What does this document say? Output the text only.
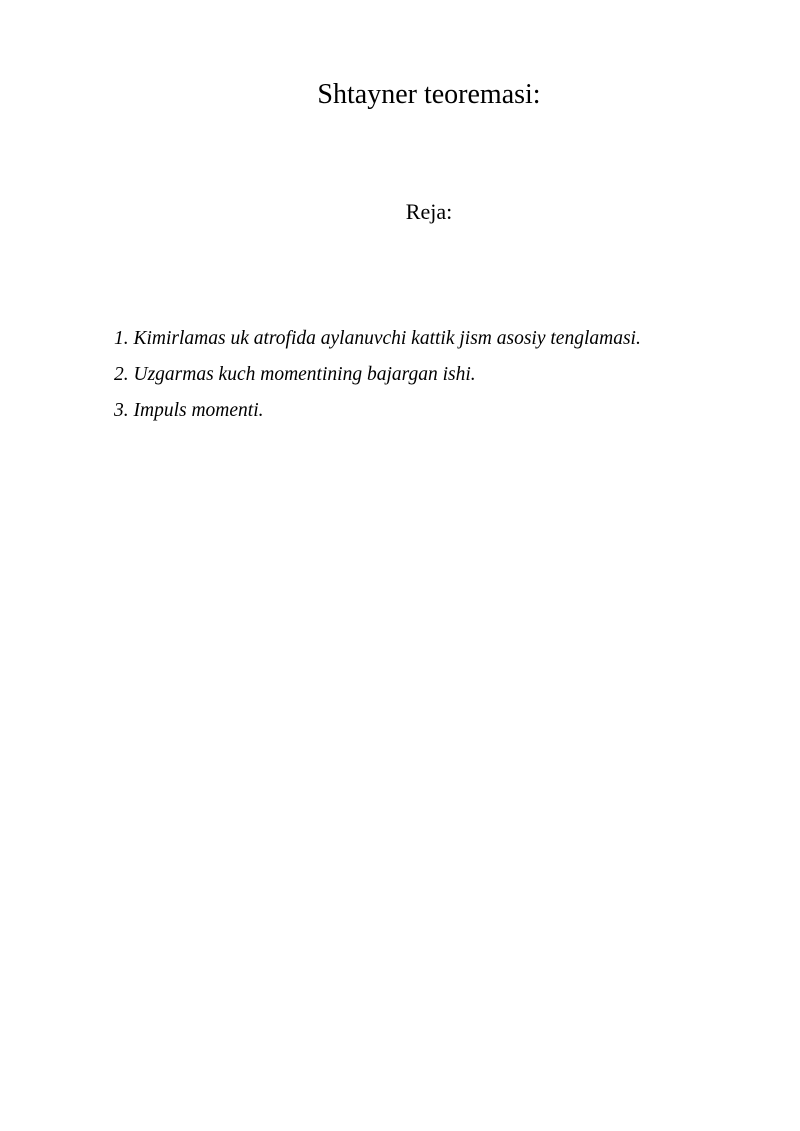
Shtayner teoremasi:
Reja:
1. Kimirlamas uk atrofida aylanuvchi kattik jism asosiy tenglamasi.
2. Uzgarmas kuch momentining bajargan ishi.
3. Impuls momenti.
